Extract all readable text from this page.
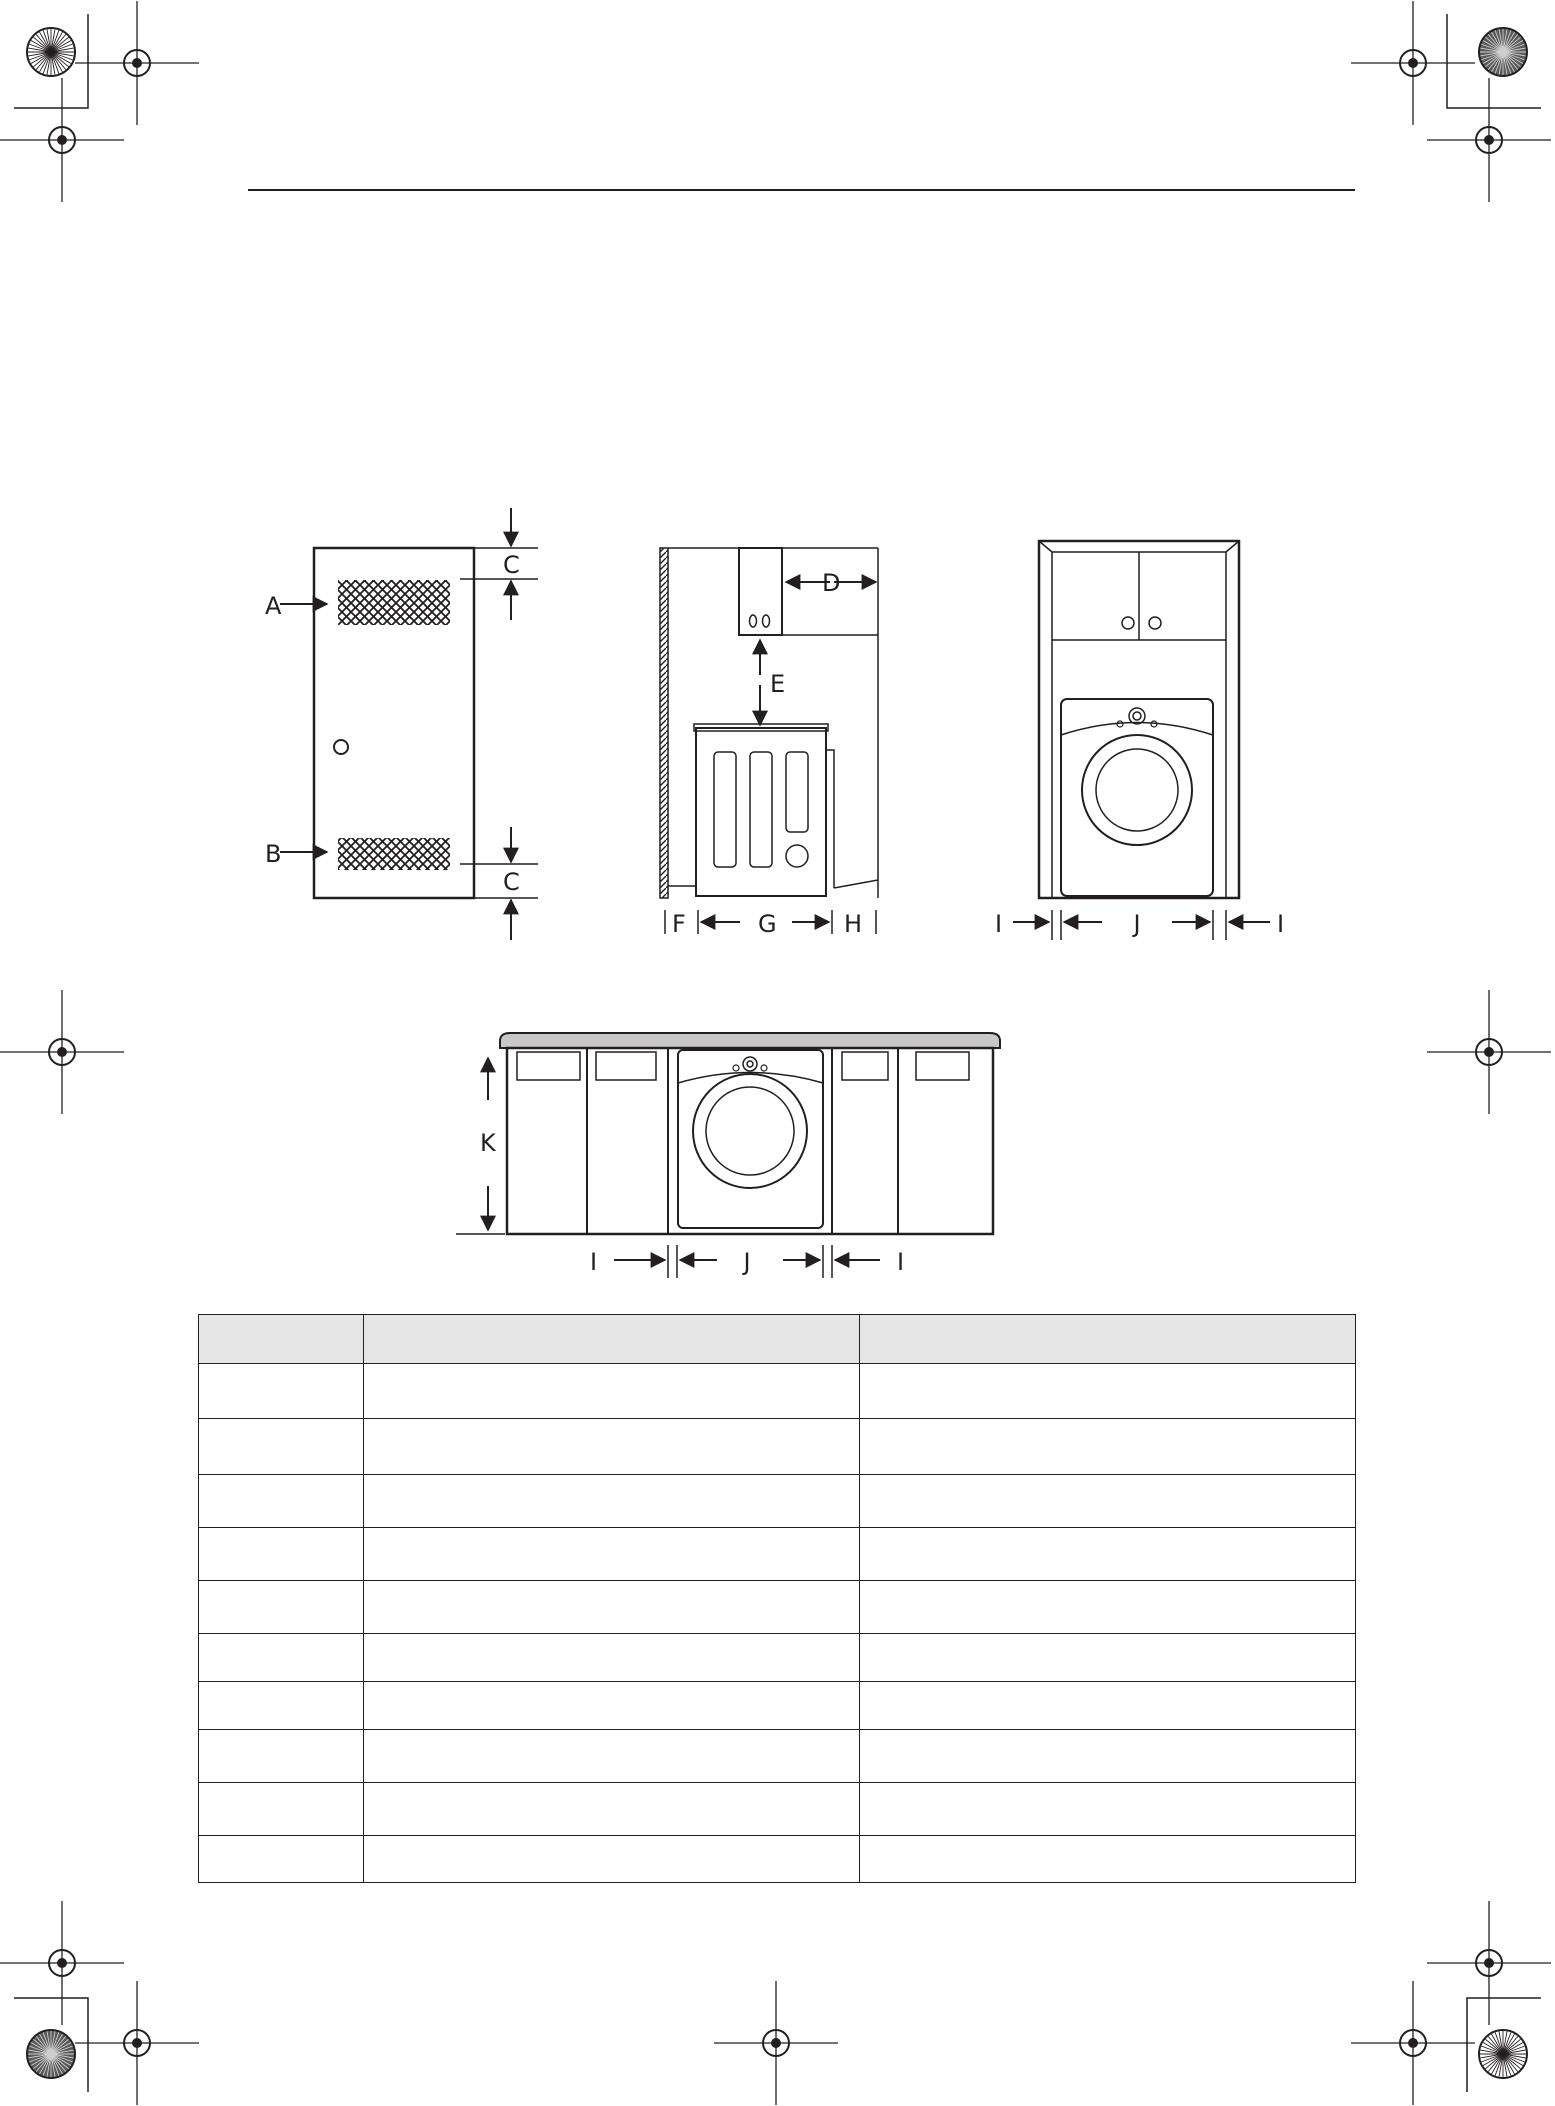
A
B
C
C
D
E
F	G	H	I	J	I
K
I	J	I
